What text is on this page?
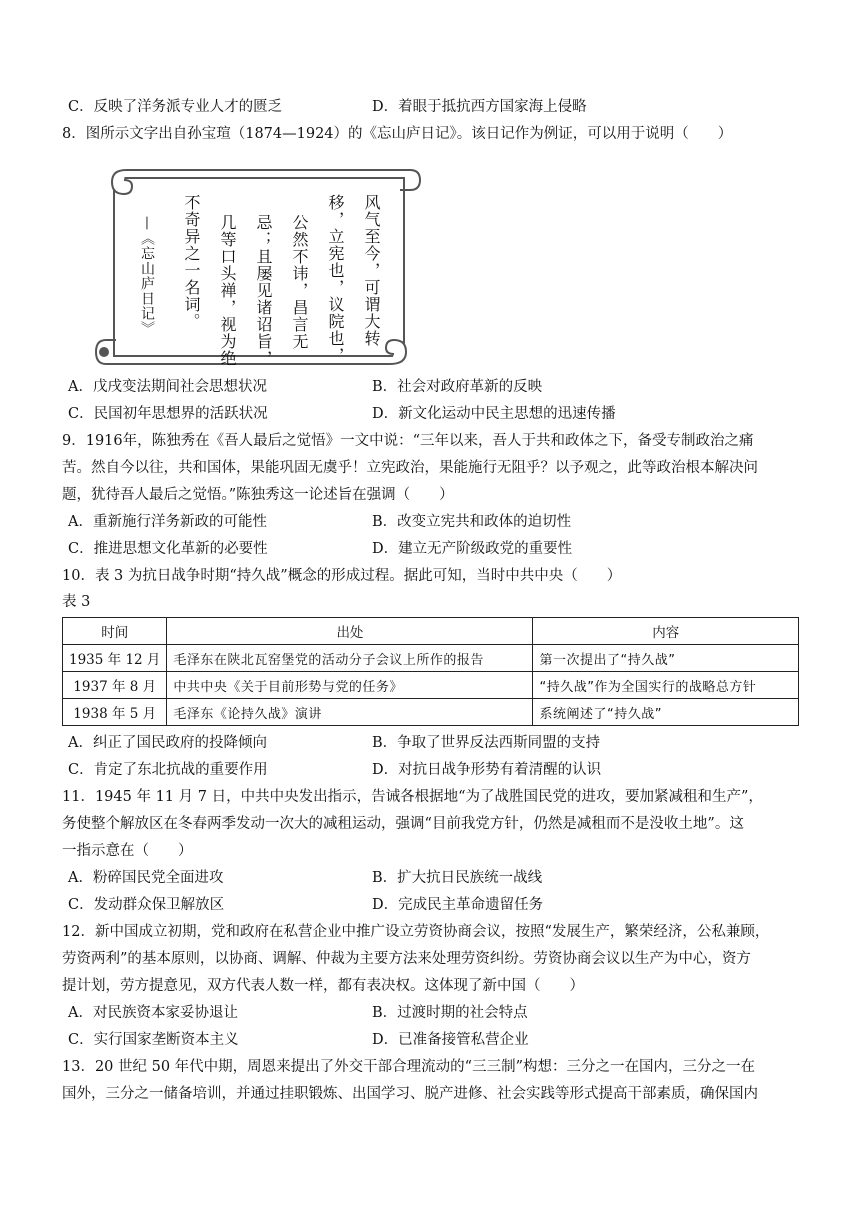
C．反映了洋务派专业人才的匮乏	D．着眼于抵抗西方国家海上侵略
8．图所示文字出自孙宝瑄（1874—1924）的《忘山庐日记》。该日记作为例证，可以用于说明（　　）
风气至今，可谓大转
移，立宪也，议院也，
公然不讳，昌言无
忌；且屡见诸诏旨，
几等口头禅，视为绝
不奇异之一名词。
—《忘山庐日记》
A．戊戌变法期间社会思想状况	B．社会对政府革新的反映
C．民国初年思想界的活跃状况	D．新文化运动中民主思想的迅速传播
9．1916年，陈独秀在《吾人最后之觉悟》一文中说：“三年以来，吾人于共和政体之下，备受专制政治之痛
苦。然自今以往，共和国体，果能巩固无虞乎！立宪政治，果能施行无阻乎？以予观之，此等政治根本解决问
题，犹待吾人最后之觉悟。”陈独秀这一论述旨在强调（　　）
A．重新施行洋务新政的可能性	B．改变立宪共和政体的迫切性
C．推进思想文化革新的必要性	D．建立无产阶级政党的重要性
10．表 3 为抗日战争时期“持久战”概念的形成过程。据此可知，当时中共中央（　　）
表 3
时间	出处	内容
1935 年 12 月	毛泽东在陕北瓦窑堡党的活动分子会议上所作的报告	第一次提出了“持久战”
1937 年 8 月	中共中央《关于目前形势与党的任务》	“持久战”作为全国实行的战略总方针
1938 年 5 月	毛泽东《论持久战》演讲	系统阐述了“持久战”
A．纠正了国民政府的投降倾向	B．争取了世界反法西斯同盟的支持
C．肯定了东北抗战的重要作用	D．对抗日战争形势有着清醒的认识
11．1945 年 11 月 7 日，中共中央发出指示，告诫各根据地“为了战胜国民党的进攻，要加紧减租和生产”，
务使整个解放区在冬春两季发动一次大的减租运动，强调“目前我党方针，仍然是减租而不是没收土地”。这
一指示意在（　　）
A．粉碎国民党全面进攻	B．扩大抗日民族统一战线
C．发动群众保卫解放区	D．完成民主革命遗留任务
12．新中国成立初期，党和政府在私营企业中推广设立劳资协商会议，按照“发展生产，繁荣经济，公私兼顾，
劳资两利”的基本原则，以协商、调解、仲裁为主要方法来处理劳资纠纷。劳资协商会议以生产为中心，资方
提计划，劳方提意见，双方代表人数一样，都有表决权。这体现了新中国（　　）
A．对民族资本家妥协退让	B．过渡时期的社会特点
C．实行国家垄断资本主义	D．已准备接管私营企业
13．20 世纪 50 年代中期，周恩来提出了外交干部合理流动的“三三制”构想：三分之一在国内，三分之一在
国外，三分之一储备培训，并通过挂职锻炼、出国学习、脱产进修、社会实践等形式提高干部素质，确保国内
